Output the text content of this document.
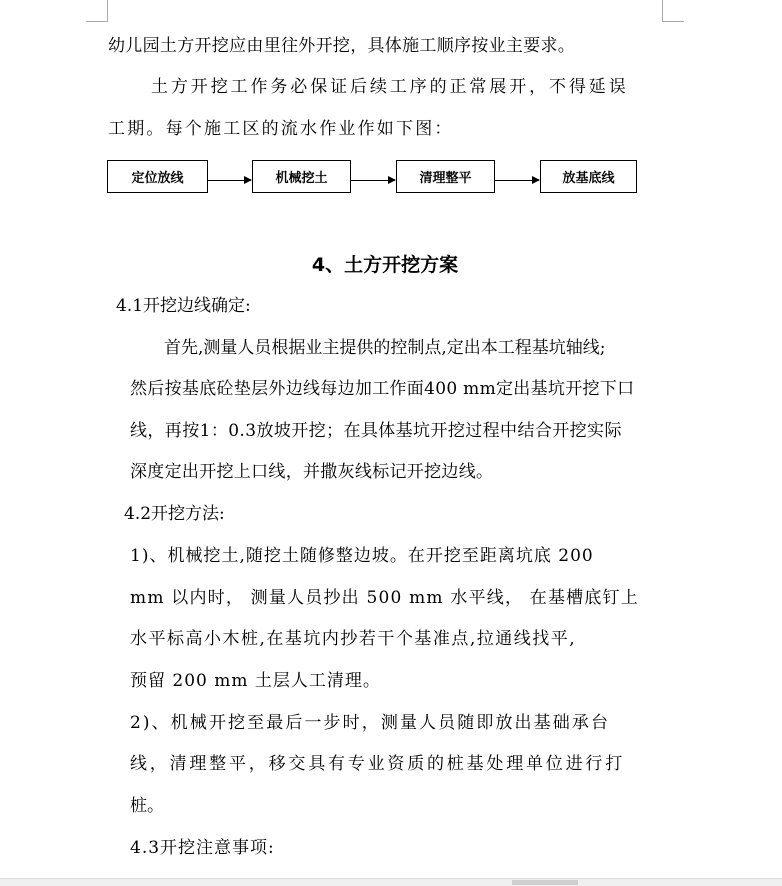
幼儿园土方开挖应由里往外开挖，具体施工顺序按业主要求。
土方开挖工作务必保证后续工序的正常展开，不得延误
工期。每个施工区的流水作业作如下图：
定位放线	机械挖土	清理整平	放基底线
4、土方开挖方案
4.1开挖边线确定:
首先,测量人员根据业主提供的控制点,定出本工程基坑轴线;
然后按基底砼垫层外边线每边加工作面400 mm定出基坑开挖下口
线，再按1：0.3放坡开挖；在具体基坑开挖过程中结合开挖实际
深度定出开挖上口线，并撒灰线标记开挖边线。
4.2开挖方法:
1)、机械挖土,随挖土随修整边坡。在开挖至距离坑底 200
mm 以内时， 测量人员抄出 500 mm 水平线， 在基槽底钉上
水平标高小木桩,在基坑内抄若干个基准点,拉通线找平,
预留 200 mm 土层人工清理。
2)、机械开挖至最后一步时，测量人员随即放出基础承台
线，清理整平，移交具有专业资质的桩基处理单位进行打
桩。
4.3开挖注意事项:
